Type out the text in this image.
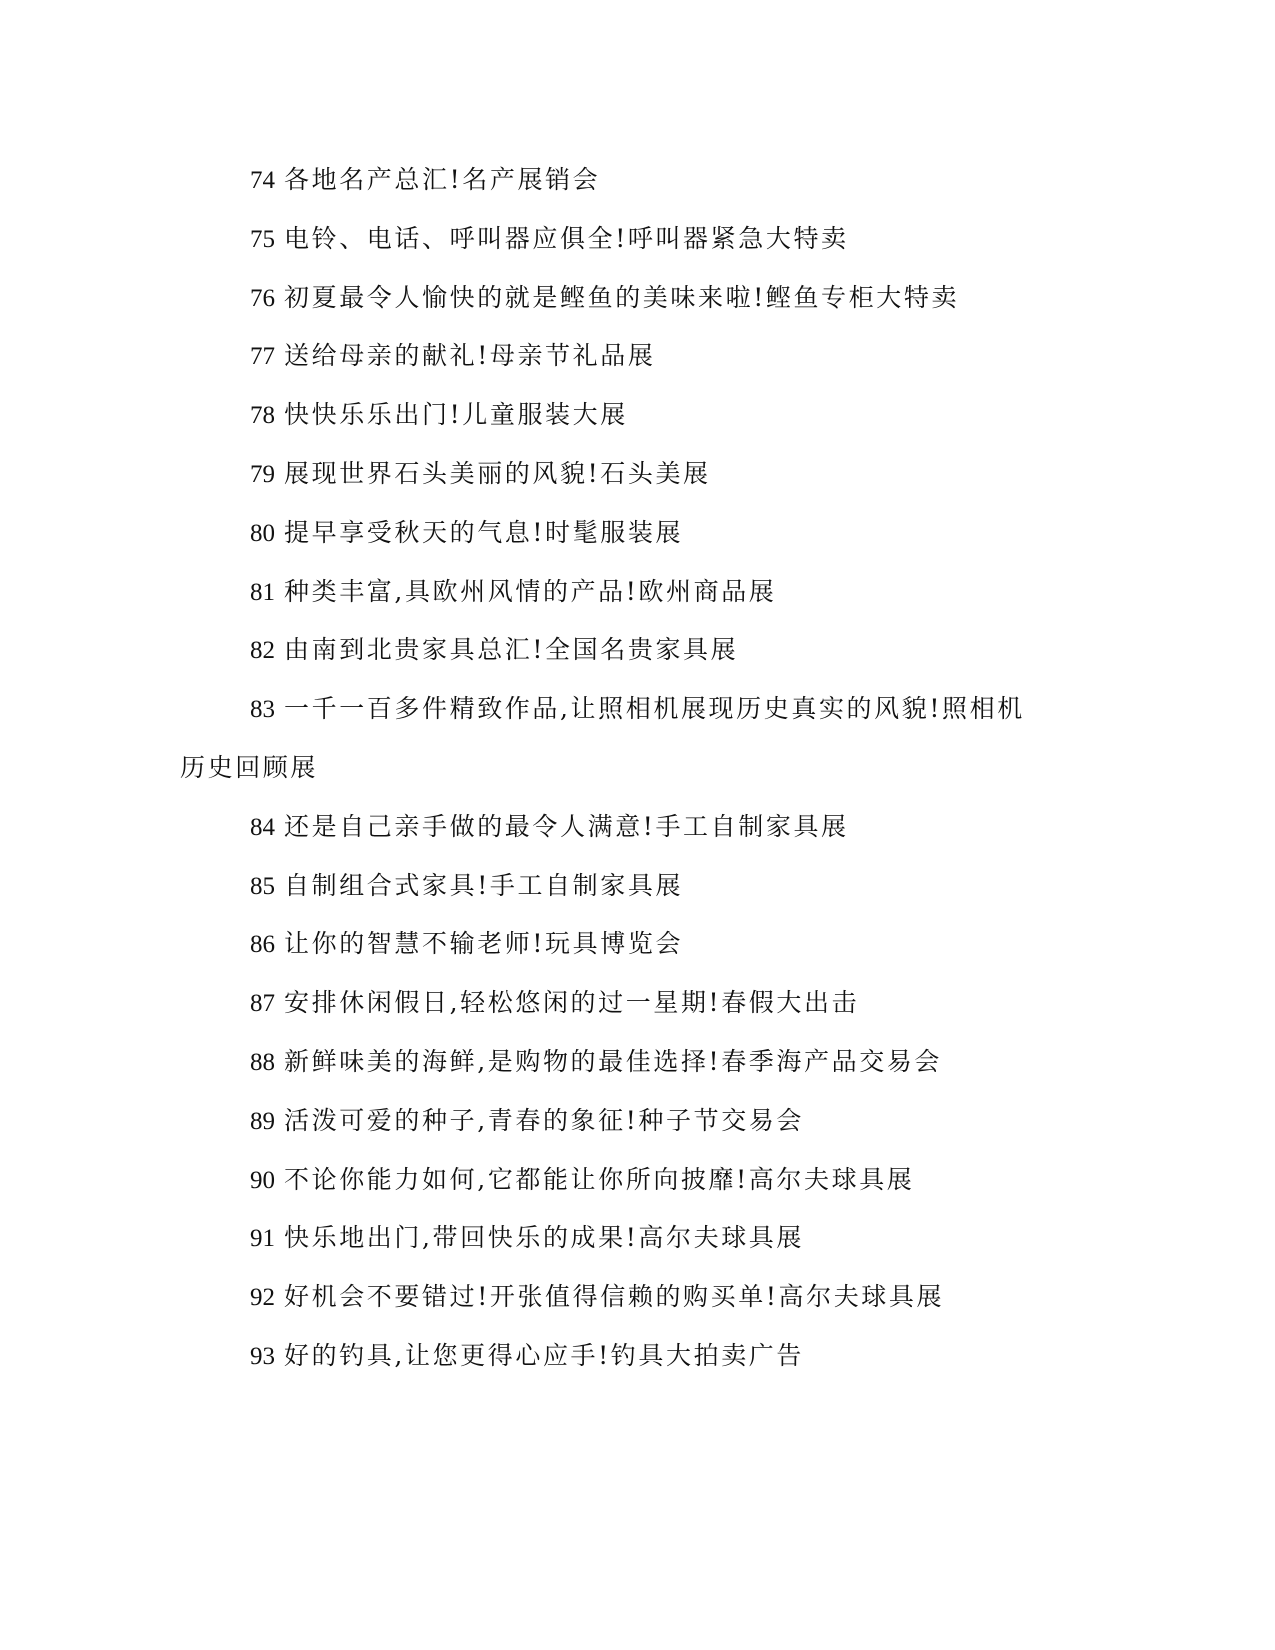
74 各地名产总汇!名产展销会
75 电铃、电话、呼叫器应俱全!呼叫器紧急大特卖
76 初夏最令人愉快的就是鲣鱼的美味来啦!鲣鱼专柜大特卖
77 送给母亲的献礼!母亲节礼品展
78 快快乐乐出门!儿童服装大展
79 展现世界石头美丽的风貌!石头美展
80 提早享受秋天的气息!时髦服装展
81 种类丰富,具欧州风情的产品!欧州商品展
82 由南到北贵家具总汇!全国名贵家具展
83 一千一百多件精致作品,让照相机展现历史真实的风貌!照相机
历史回顾展
84 还是自己亲手做的最令人满意!手工自制家具展
85 自制组合式家具!手工自制家具展
86 让你的智慧不输老师!玩具博览会
87 安排休闲假日,轻松悠闲的过一星期!春假大出击
88 新鲜味美的海鲜,是购物的最佳选择!春季海产品交易会
89 活泼可爱的种子,青春的象征!种子节交易会
90 不论你能力如何,它都能让你所向披靡!高尔夫球具展
91 快乐地出门,带回快乐的成果!高尔夫球具展
92 好机会不要错过!开张值得信赖的购买单!高尔夫球具展
93 好的钓具,让您更得心应手!钓具大拍卖广告
